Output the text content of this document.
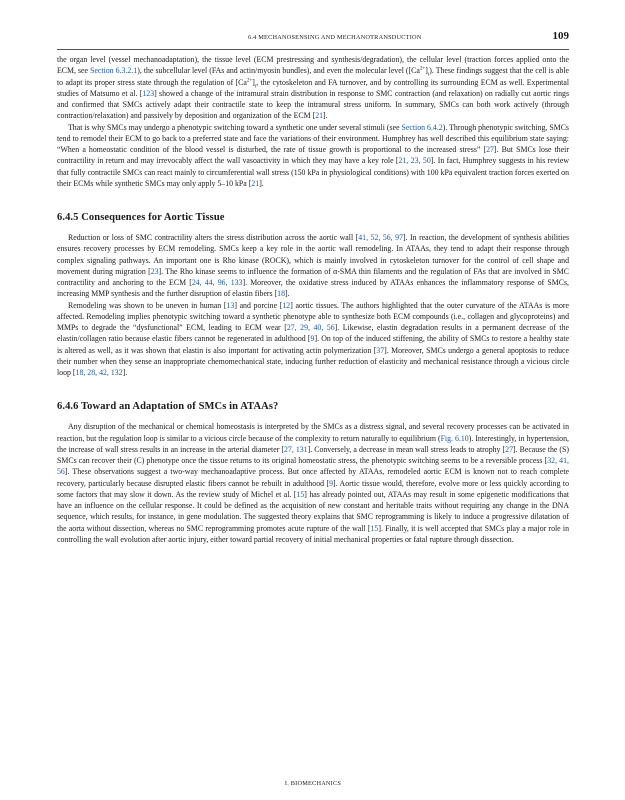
6.4 MECHANOSENSING AND MECHANOTRANSDUCTION	109

the organ level (vessel mechanoadaptation), the tissue level (ECM prestressing and synthesis/degradation), the cellular level (traction forces applied onto the ECM, see Section 6.3.2.1), the subcellular level (FAs and actin/myosin bundles), and even the molecular level $([Ca^{2+}]_i)$. These findings suggest that the cell is able to adapt its proper stress state through the regulation of $[Ca^{2+}]_i$, the cytoskeleton and FA turnover, and by controlling its surrounding ECM as well. Experimental studies of Matsumo et al. [123] showed a change of the intramural strain distribution in response to SMC contraction (and relaxation) on radially cut aortic rings and confirmed that SMCs actively adapt their contractile state to keep the intramural stress uniform. In summary, SMCs can both work actively (through contraction/relaxation) and passively by deposition and organization of the ECM [21].

That is why SMCs may undergo a phenotypic switching toward a synthetic one under several stimuli (see Section 6.4.2). Through phenotypic switching, SMCs tend to remodel their ECM to go back to a preferred state and face the variations of their environment. Humphrey has well described this equilibrium state saying: “When a homeostatic condition of the blood vessel is disturbed, the rate of tissue growth is proportional to the increased stress” [27]. But SMCs lose their contractility in return and may irrevocably affect the wall vasoactivity in which they may have a key role [21, 23, 50]. In fact, Humphrey suggests in his review that fully contractile SMCs can react mainly to circumferential wall stress (150 kPa in physiological conditions) with 100 kPa equivalent traction forces exerted on their ECMs while synthetic SMCs may only apply 5–10 kPa [21].

6.4.5 Consequences for Aortic Tissue

Reduction or loss of SMC contractility alters the stress distribution across the aortic wall [41, 52, 56, 97]. In reaction, the development of synthesis abilities ensures recovery processes by ECM remodeling. SMCs keep a key role in the aortic wall remodeling. In ATAAs, they tend to adapt their response through complex signaling pathways. An important one is Rho kinase (ROCK), which is mainly involved in cytoskeleton turnover for the control of cell shape and movement during migration [23]. The Rho kinase seems to influence the formation of α-SMA thin filaments and the regulation of FAs that are involved in SMC contractility and anchoring to the ECM [24, 44, 96, 133]. Moreover, the oxidative stress induced by ATAAs enhances the inflammatory response of SMCs, increasing MMP synthesis and the further disruption of elastin fibers [18].

Remodeling was shown to be uneven in human [13] and porcine [12] aortic tissues. The authors highlighted that the outer curvature of the ATAAs is more affected. Remodeling implies phenotypic switching toward a synthetic phenotype able to synthesize both ECM compounds (i.e., collagen and glycoproteins) and MMPs to degrade the “dysfunctional” ECM, leading to ECM wear [27, 29, 40, 56]. Likewise, elastin degradation results in a permanent decrease of the elastin/collagen ratio because elastic fibers cannot be regenerated in adulthood [9]. On top of the induced stiffening, the ability of SMCs to restore a healthy state is altered as well, as it was shown that elastin is also important for activating actin polymerization [37]. Moreover, SMCs undergo a general apoptosis to reduce their number when they sense an inappropriate chemomechanical state, inducing further reduction of elasticity and mechanical resistance through a vicious circle loop [18, 28, 42, 132].

6.4.6 Toward an Adaptation of SMCs in ATAAs?

Any disruption of the mechanical or chemical homeostasis is interpreted by the SMCs as a distress signal, and several recovery processes can be activated in reaction, but the regulation loop is similar to a vicious circle because of the complexity to return naturally to equilibrium (Fig. 6.10). Interestingly, in hypertension, the increase of wall stress results in an increase in the arterial diameter [27, 131]. Conversely, a decrease in mean wall stress leads to atrophy [27]. Because the (S) SMCs can recover their (C) phenotype once the tissue returns to its original homeostatic stress, the phenotypic switching seems to be a reversible process [32, 41, 56]. These observations suggest a two-way mechanoadaptive process. But once affected by ATAAs, remodeled aortic ECM is known not to reach complete recovery, particularly because disrupted elastic fibers cannot be rebuilt in adulthood [9]. Aortic tissue would, therefore, evolve more or less quickly according to some factors that may slow it down. As the review study of Michel et al. [15] has already pointed out, ATAAs may result in some epigenetic modifications that have an influence on the cellular response. It could be defined as the acquisition of new constant and heritable traits without requiring any change in the DNA sequence, which results, for instance, in gene modulation. The suggested theory explains that SMC reprogramming is likely to induce a progressive dilatation of the aorta without dissection, whereas no SMC reprogramming promotes acute rupture of the wall [15]. Finally, it is well accepted that SMCs play a major role in controlling the wall evolution after aortic injury, either toward partial recovery of initial mechanical properties or fatal rupture through dissection.

I. BIOMECHANICS
